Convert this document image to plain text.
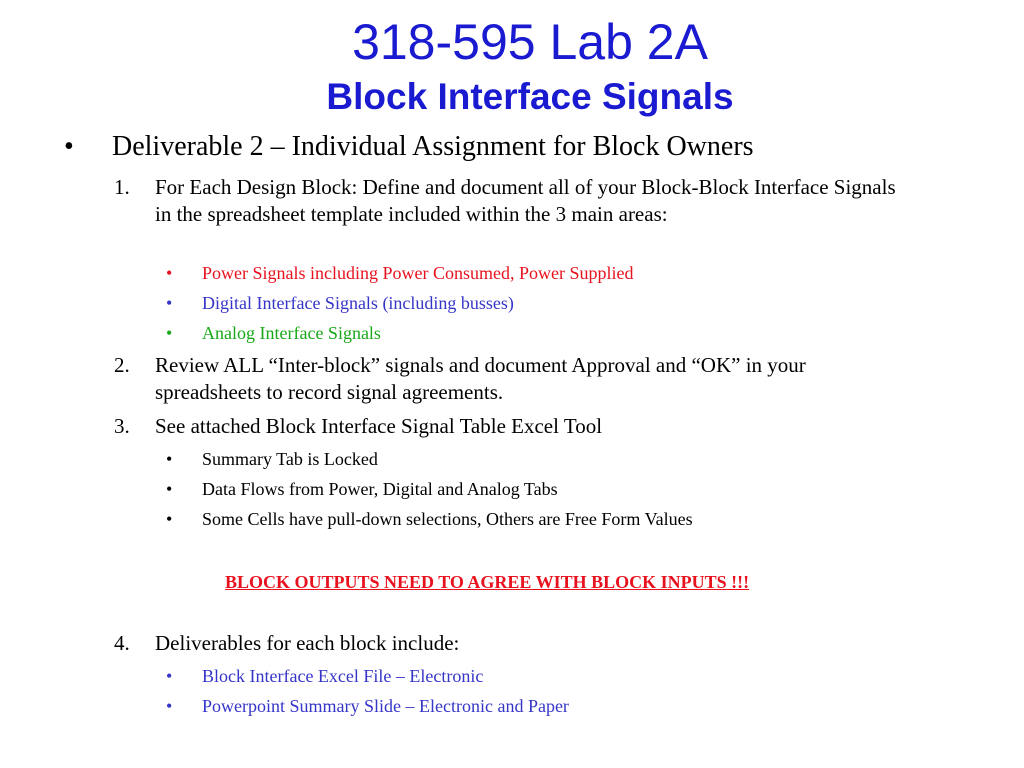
318-595 Lab 2A
Block Interface Signals
• Deliverable 2 – Individual Assignment for Block Owners
1. For Each Design Block: Define and document all of your Block-Block Interface Signals in the spreadsheet template included within the 3 main areas:
• Power Signals including Power Consumed, Power Supplied
• Digital Interface Signals (including busses)
• Analog Interface Signals
2. Review ALL “Inter-block” signals and document Approval and “OK” in your spreadsheets to record signal agreements.
3. See attached Block Interface Signal Table Excel Tool
• Summary Tab is Locked
• Data Flows from Power, Digital and Analog Tabs
• Some Cells have pull-down selections, Others are Free Form Values
BLOCK OUTPUTS NEED TO AGREE WITH BLOCK INPUTS !!!
4. Deliverables for each block include:
• Block Interface Excel File – Electronic
• Powerpoint Summary Slide – Electronic and Paper
